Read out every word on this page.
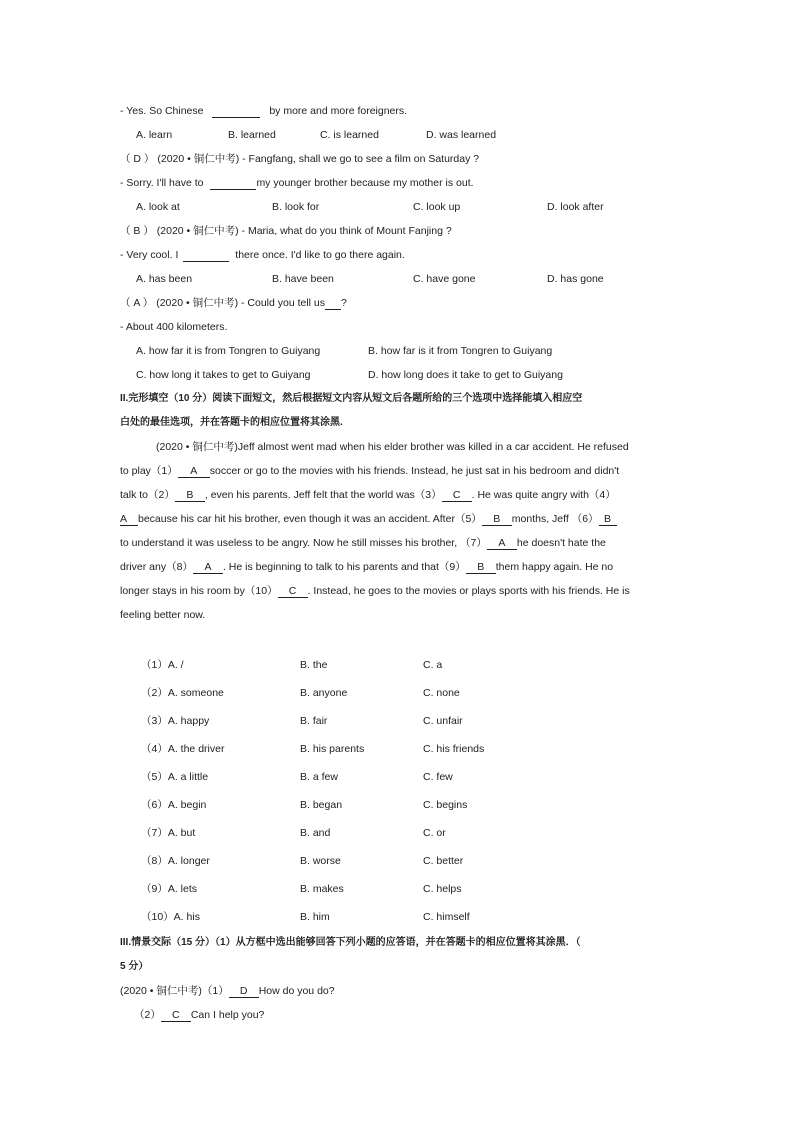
- Yes. So Chinese	by more and more foreigners.
A. learn	B. learned	C. is learned	D. was learned
（ D ） (2020 • 铜仁中考) - Fangfang, shall we go to see a film on Saturday ?
- Sorry. I'll have to	my younger brother because my mother is out.
A. look at	B. look for	C. look up	D. look after
（ B ） (2020 • 铜仁中考) - Maria, what do you think of Mount Fanjing ?
- Very cool. I	there once. I'd like to go there again.
A. has been	B. have been	C. have gone	D. has gone
（ A ） (2020 • 铜仁中考) - Could you tell us ?
- About 400 kilometers.
A. how far it is from Tongren to Guiyang	B. how far is it from Tongren to Guiyang
C. how long it takes to get to Guiyang	D. how long does it take to get to Guiyang
II.完形填空（10 分）阅读下面短文，然后根据短文内容从短文后各题所给的三个选项中选择能填入相应空
白处的最佳选项，并在答题卡的相应位置将其涂黑.
(2020 • 铜仁中考)Jeff almost went mad when his elder brother was killed in a car accident. He refused
to play（1） A soccer or go to the movies with his friends. Instead, he just sat in his bedroom and didn't
talk to（2） B , even his parents. Jeff felt that the world was（3） C . He was quite angry with（4）
A because his car hit his brother, even though it was an accident. After（5） B months, Jeff （6） B
to understand it was useless to be angry. Now he still misses his brother, （7） A he doesn't hate the
driver any（8） A . He is beginning to talk to his parents and that（9） B them happy again. He no
longer stays in his room by（10） C . Instead, he goes to the movies or plays sports with his friends. He is
feeling better now.
（1）A. /	B. the	C. a
（2）A. someone	B. anyone	C. none
（3）A. happy	B. fair	C. unfair
（4）A. the driver	B. his parents	C. his friends
（5）A. a little	B. a few	C. few
（6）A. begin	B. began	C. begins
（7）A. but	B. and	C. or
（8）A. longer	B. worse	C. better
（9）A. lets	B. makes	C. helps
（10）A. his	B. him	C. himself
III.情景交际（15 分）（1）从方框中选出能够回答下列小题的应答语，并在答题卡的相应位置将其涂黑．（
5 分）
(2020 • 铜仁中考)（1） D How do you do?
（2） C Can I help you?
